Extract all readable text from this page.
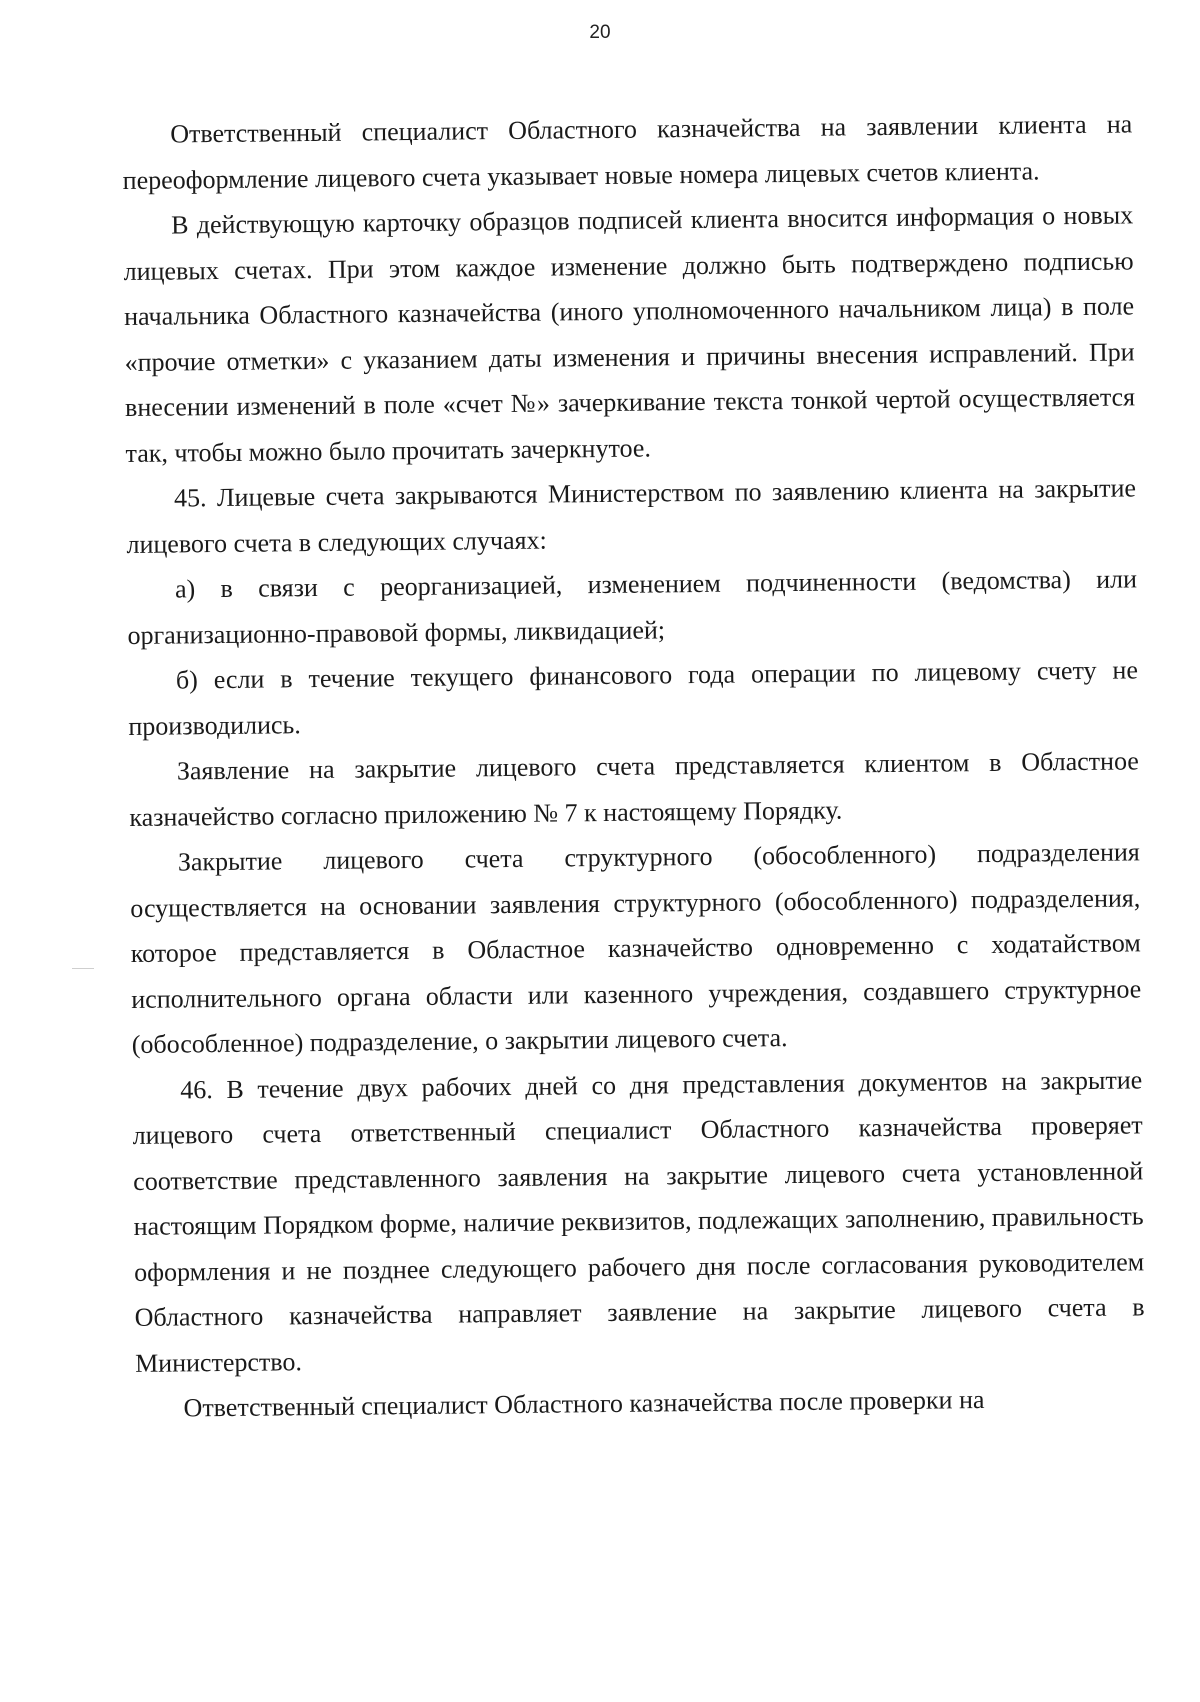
20

Ответственный специалист Областного казначейства на заявлении клиента на переоформление лицевого счета указывает новые номера лицевых счетов клиента.

В действующую карточку образцов подписей клиента вносится информация о новых лицевых счетах. При этом каждое изменение должно быть подтверждено подписью начальника Областного казначейства (иного уполномоченного начальником лица) в поле «прочие отметки» с указанием даты изменения и причины внесения исправлений. При внесении изменений в поле «счет №» зачеркивание текста тонкой чертой осуществляется так, чтобы можно было прочитать зачеркнутое.

45. Лицевые счета закрываются Министерством по заявлению клиента на закрытие лицевого счета в следующих случаях:

а) в связи с реорганизацией, изменением подчиненности (ведомства) или организационно-правовой формы, ликвидацией;

б) если в течение текущего финансового года операции по лицевому счету не производились.

Заявление на закрытие лицевого счета представляется клиентом в Областное казначейство согласно приложению № 7 к настоящему Порядку.

Закрытие лицевого счета структурного (обособленного) подразделения осуществляется на основании заявления структурного (обособленного) подразделения, которое представляется в Областное казначейство одновременно с ходатайством исполнительного органа области или казенного учреждения, создавшего структурное (обособленное) подразделение, о закрытии лицевого счета.

46. В течение двух рабочих дней со дня представления документов на закрытие лицевого счета ответственный специалист Областного казначейства проверяет соответствие представленного заявления на закрытие лицевого счета установленной настоящим Порядком форме, наличие реквизитов, подлежащих заполнению, правильность оформления и не позднее следующего рабочего дня после согласования руководителем Областного казначейства направляет заявление на закрытие лицевого счета в Министерство.

Ответственный специалист Областного казначейства после проверки на
